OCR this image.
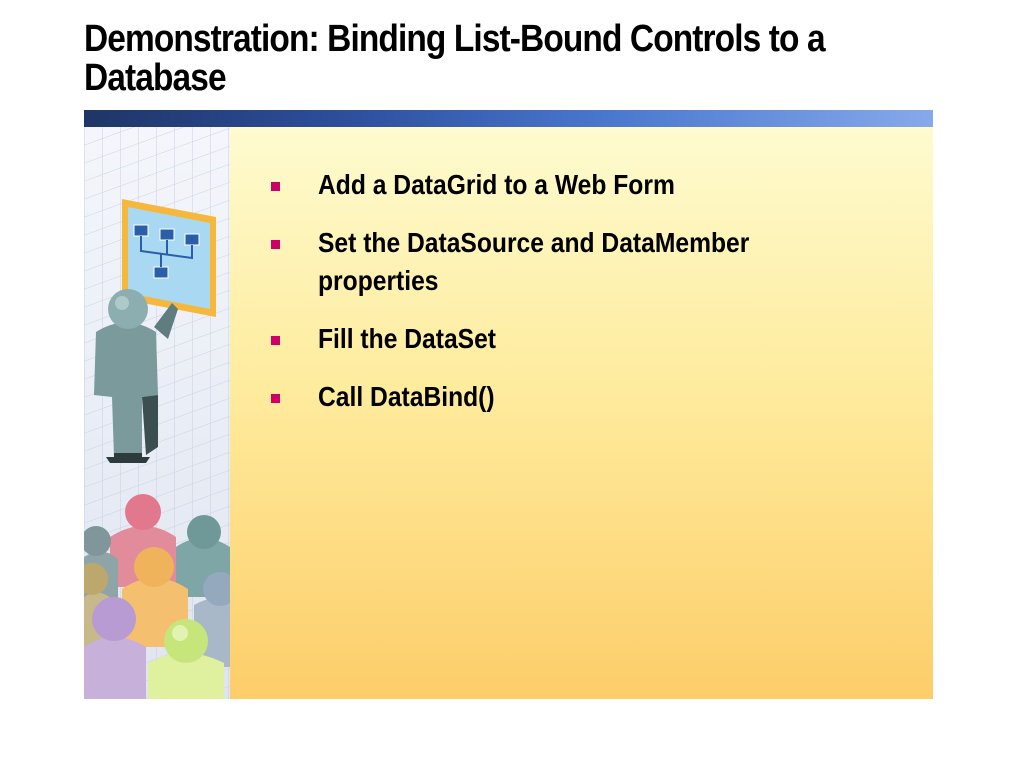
Demonstration: Binding List-Bound Controls to a Database
Add a DataGrid to a Web Form
Set the DataSource and DataMember properties
Fill the DataSet
Call DataBind()
